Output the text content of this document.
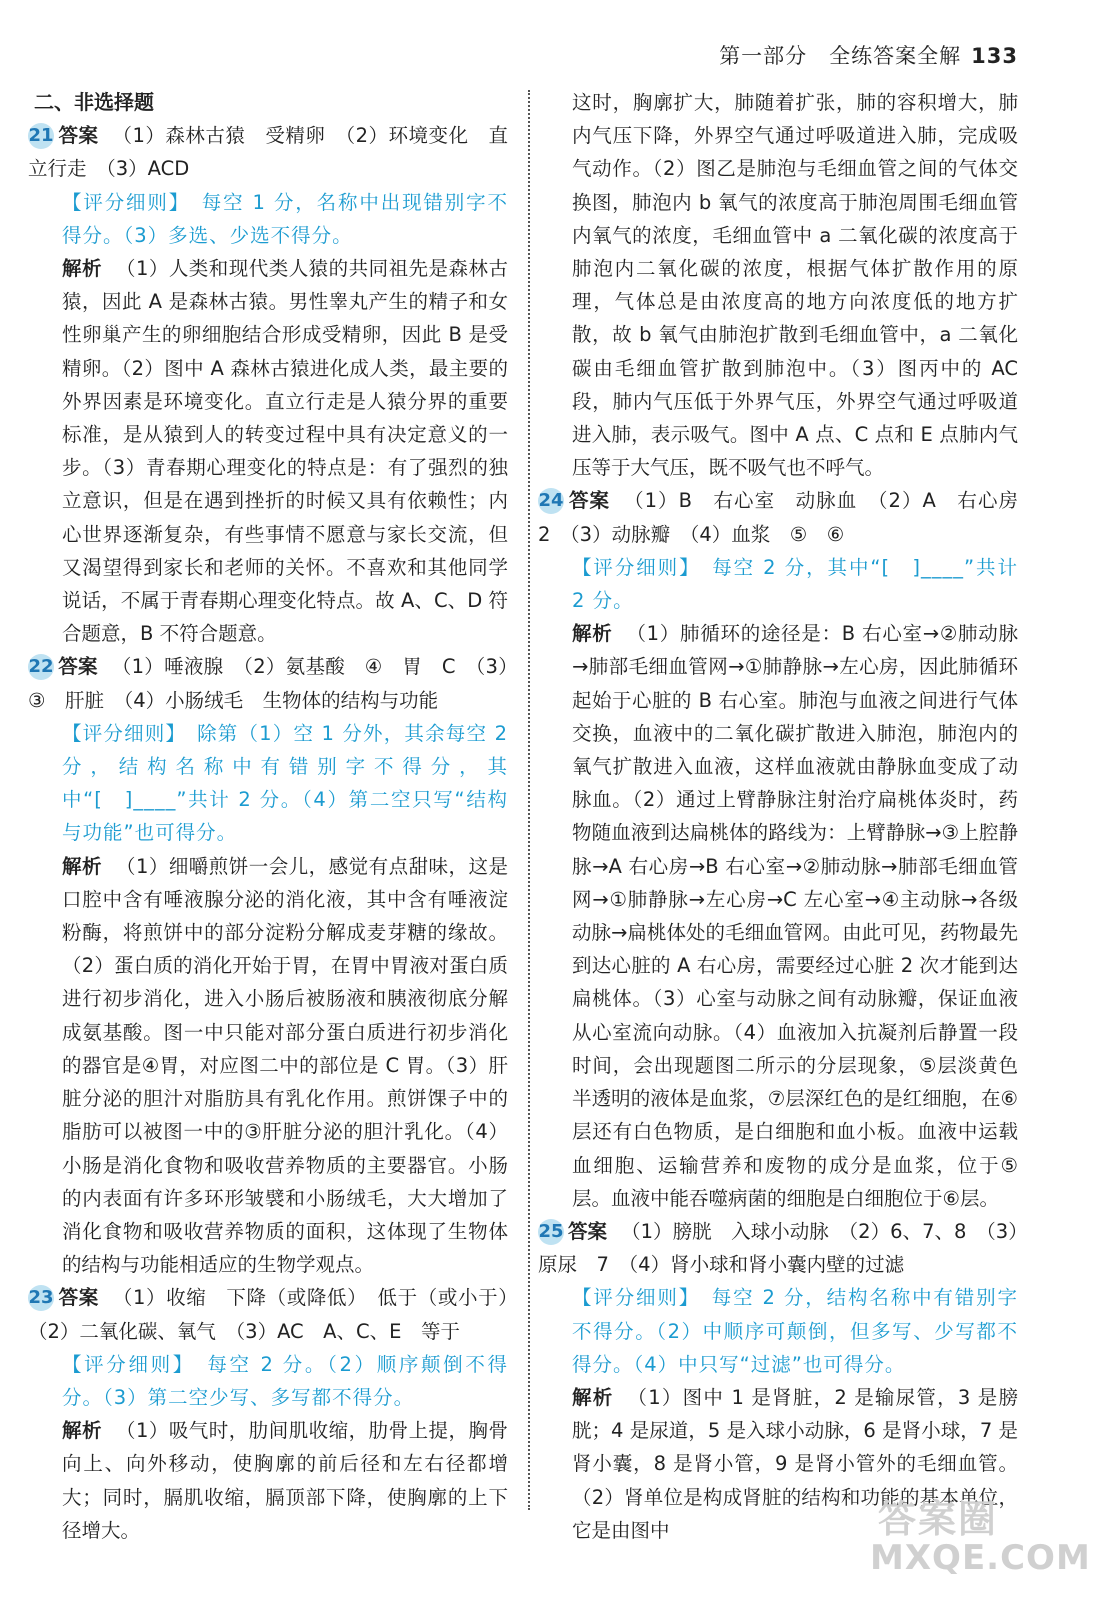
第一部分　全练答案全解 133

二、非选择题

21 答案 （1）森林古猿　受精卵　（2）环境变化　直立行走　（3）ACD

【评分细则】　每空 1 分，名称中出现错别字不得分。（3）多选、少选不得分。

解析 （1）人类和现代类人猿的共同祖先是森林古猿，因此 A 是森林古猿。男性睾丸产生的精子和女性卵巢产生的卵细胞结合形成受精卵，因此 B 是受精卵。（2）图中 A 森林古猿进化成人类，最主要的外界因素是环境变化。直立行走是人猿分界的重要标准，是从猿到人的转变过程中具有决定意义的一步。（3）青春期心理变化的特点是：有了强烈的独立意识，但是在遇到挫折的时候又具有依赖性；内心世界逐渐复杂，有些事情不愿意与家长交流，但又渴望得到家长和老师的关怀。不喜欢和其他同学说话，不属于青春期心理变化特点。故 A、C、D 符合题意，B 不符合题意。

22 答案 （1）唾液腺　（2）氨基酸　④　胃　C　（3）③　肝脏　（4）小肠绒毛　生物体的结构与功能

【评分细则】　除第（1）空 1 分外，其余每空 2 分，结构名称中有错别字不得分，其中“[　]____”共计 2 分。（4）第二空只写“结构与功能”也可得分。

解析 （1）细嚼煎饼一会儿，感觉有点甜味，这是口腔中含有唾液腺分泌的消化液，其中含有唾液淀粉酶，将煎饼中的部分淀粉分解成麦芽糖的缘故。（2）蛋白质的消化开始于胃，在胃中胃液对蛋白质进行初步消化，进入小肠后被肠液和胰液彻底分解成氨基酸。图一中只能对部分蛋白质进行初步消化的器官是④胃，对应图二中的部位是 C 胃。（3）肝脏分泌的胆汁对脂肪具有乳化作用。煎饼馃子中的脂肪可以被图一中的③肝脏分泌的胆汁乳化。（4）小肠是消化食物和吸收营养物质的主要器官。小肠的内表面有许多环形皱襞和小肠绒毛，大大增加了消化食物和吸收营养物质的面积，这体现了生物体的结构与功能相适应的生物学观点。

23 答案 （1）收缩　下降（或降低）　低于（或小于）　（2）二氧化碳、氧气　（3）AC　A、C、E　等于

【评分细则】　每空 2 分。（2）顺序颠倒不得分。（3）第二空少写、多写都不得分。

解析 （1）吸气时，肋间肌收缩，肋骨上提，胸骨向上、向外移动，使胸廓的前后径和左右径都增大；同时，膈肌收缩，膈顶部下降，使胸廓的上下径增大。

这时，胸廓扩大，肺随着扩张，肺的容积增大，肺内气压下降，外界空气通过呼吸道进入肺，完成吸气动作。（2）图乙是肺泡与毛细血管之间的气体交换图，肺泡内 b 氧气的浓度高于肺泡周围毛细血管内氧气的浓度，毛细血管中 a 二氧化碳的浓度高于肺泡内二氧化碳的浓度，根据气体扩散作用的原理，气体总是由浓度高的地方向浓度低的地方扩散，故 b 氧气由肺泡扩散到毛细血管中，a 二氧化碳由毛细血管扩散到肺泡中。（3）图丙中的 AC 段，肺内气压低于外界气压，外界空气通过呼吸道进入肺，表示吸气。图中 A 点、C 点和 E 点肺内气压等于大气压，既不吸气也不呼气。

24 答案 （1）B　右心室　动脉血　（2）A　右心房　2　（3）动脉瓣　（4）血浆　⑤　⑥

【评分细则】　每空 2 分，其中“[　]____”共计 2 分。

解析 （1）肺循环的途径是：B 右心室→②肺动脉→肺部毛细血管网→①肺静脉→左心房，因此肺循环起始于心脏的 B 右心室。肺泡与血液之间进行气体交换，血液中的二氧化碳扩散进入肺泡，肺泡内的氧气扩散进入血液，这样血液就由静脉血变成了动脉血。（2）通过上臂静脉注射治疗扁桃体炎时，药物随血液到达扁桃体的路线为：上臂静脉→③上腔静脉→A 右心房→B 右心室→②肺动脉→肺部毛细血管网→①肺静脉→左心房→C 左心室→④主动脉→各级动脉→扁桃体处的毛细血管网。由此可见，药物最先到达心脏的 A 右心房，需要经过心脏 2 次才能到达扁桃体。（3）心室与动脉之间有动脉瓣，保证血液从心室流向动脉。（4）血液加入抗凝剂后静置一段时间，会出现题图二所示的分层现象，⑤层淡黄色半透明的液体是血浆，⑦层深红色的是红细胞，在⑥层还有白色物质，是白细胞和血小板。血液中运载血细胞、运输营养和废物的成分是血浆，位于⑤层。血液中能吞噬病菌的细胞是白细胞位于⑥层。

25 答案 （1）膀胱　入球小动脉　（2）6、7、8　（3）原尿　7　（4）肾小球和肾小囊内壁的过滤

【评分细则】　每空 2 分，结构名称中有错别字不得分。（2）中顺序可颠倒，但多写、少写都不得分。（4）中只写“过滤”也可得分。

解析 （1）图中 1 是肾脏，2 是输尿管，3 是膀胱；4 是尿道，5 是入球小动脉，6 是肾小球，7 是肾小囊，8 是肾小管，9 是肾小管外的毛细血管。（2）肾单位是构成肾脏的结构和功能的基本单位，它是由图中	答案圈
MXQE.COM
